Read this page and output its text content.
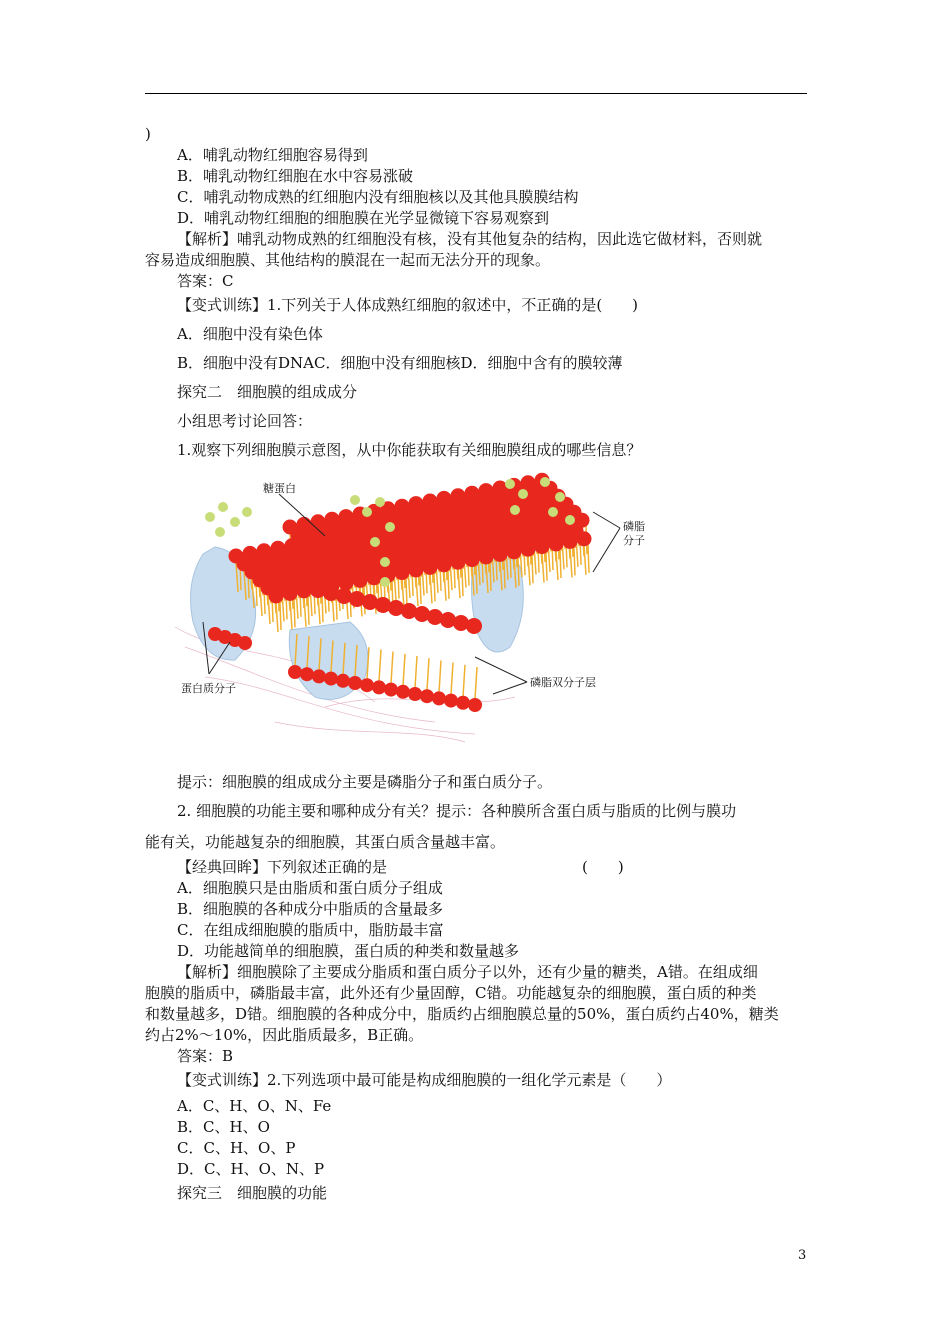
)
A．哺乳动物红细胞容易得到
B．哺乳动物红细胞在水中容易涨破
C．哺乳动物成熟的红细胞内没有细胞核以及其他具膜膜结构
D．哺乳动物红细胞的细胞膜在光学显微镜下容易观察到
【解析】哺乳动物成熟的红细胞没有核，没有其他复杂的结构，因此选它做材料，否则就
容易造成细胞膜、其他结构的膜混在一起而无法分开的现象。
答案：C
【变式训练】1.下列关于人体成熟红细胞的叙述中，不正确的是(　　)
A．细胞中没有染色体
B．细胞中没有DNAC．细胞中没有细胞核D．细胞中含有的膜较薄
探究二　细胞膜的组成成分
小组思考讨论回答：
1.观察下列细胞膜示意图，从中你能获取有关细胞膜组成的哪些信息？
糖蛋白
磷脂
分子
蛋白质分子	磷脂双分子层
提示：细胞膜的组成成分主要是磷脂分子和蛋白质分子。
2. 细胞膜的功能主要和哪种成分有关？提示：各种膜所含蛋白质与脂质的比例与膜功
能有关，功能越复杂的细胞膜，其蛋白质含量越丰富。
【经典回眸】下列叙述正确的是　　　　　　　　　　　　　(　　)
A．细胞膜只是由脂质和蛋白质分子组成
B．细胞膜的各种成分中脂质的含量最多
C．在组成细胞膜的脂质中，脂肪最丰富
D．功能越简单的细胞膜，蛋白质的种类和数量越多
【解析】细胞膜除了主要成分脂质和蛋白质分子以外，还有少量的糖类，A错。在组成细
胞膜的脂质中，磷脂最丰富，此外还有少量固醇，C错。功能越复杂的细胞膜，蛋白质的种类
和数量越多，D错。细胞膜的各种成分中，脂质约占细胞膜总量的50%，蛋白质约占40%，糖类
约占2%～10%，因此脂质最多，B正确。
答案：B
【变式训练】2.下列选项中最可能是构成细胞膜的一组化学元素是（　　）
A．C、H、O、N、Fe
B．C、H、O
C．C、H、O、P
D．C、H、O、N、P
探究三　细胞膜的功能
3
